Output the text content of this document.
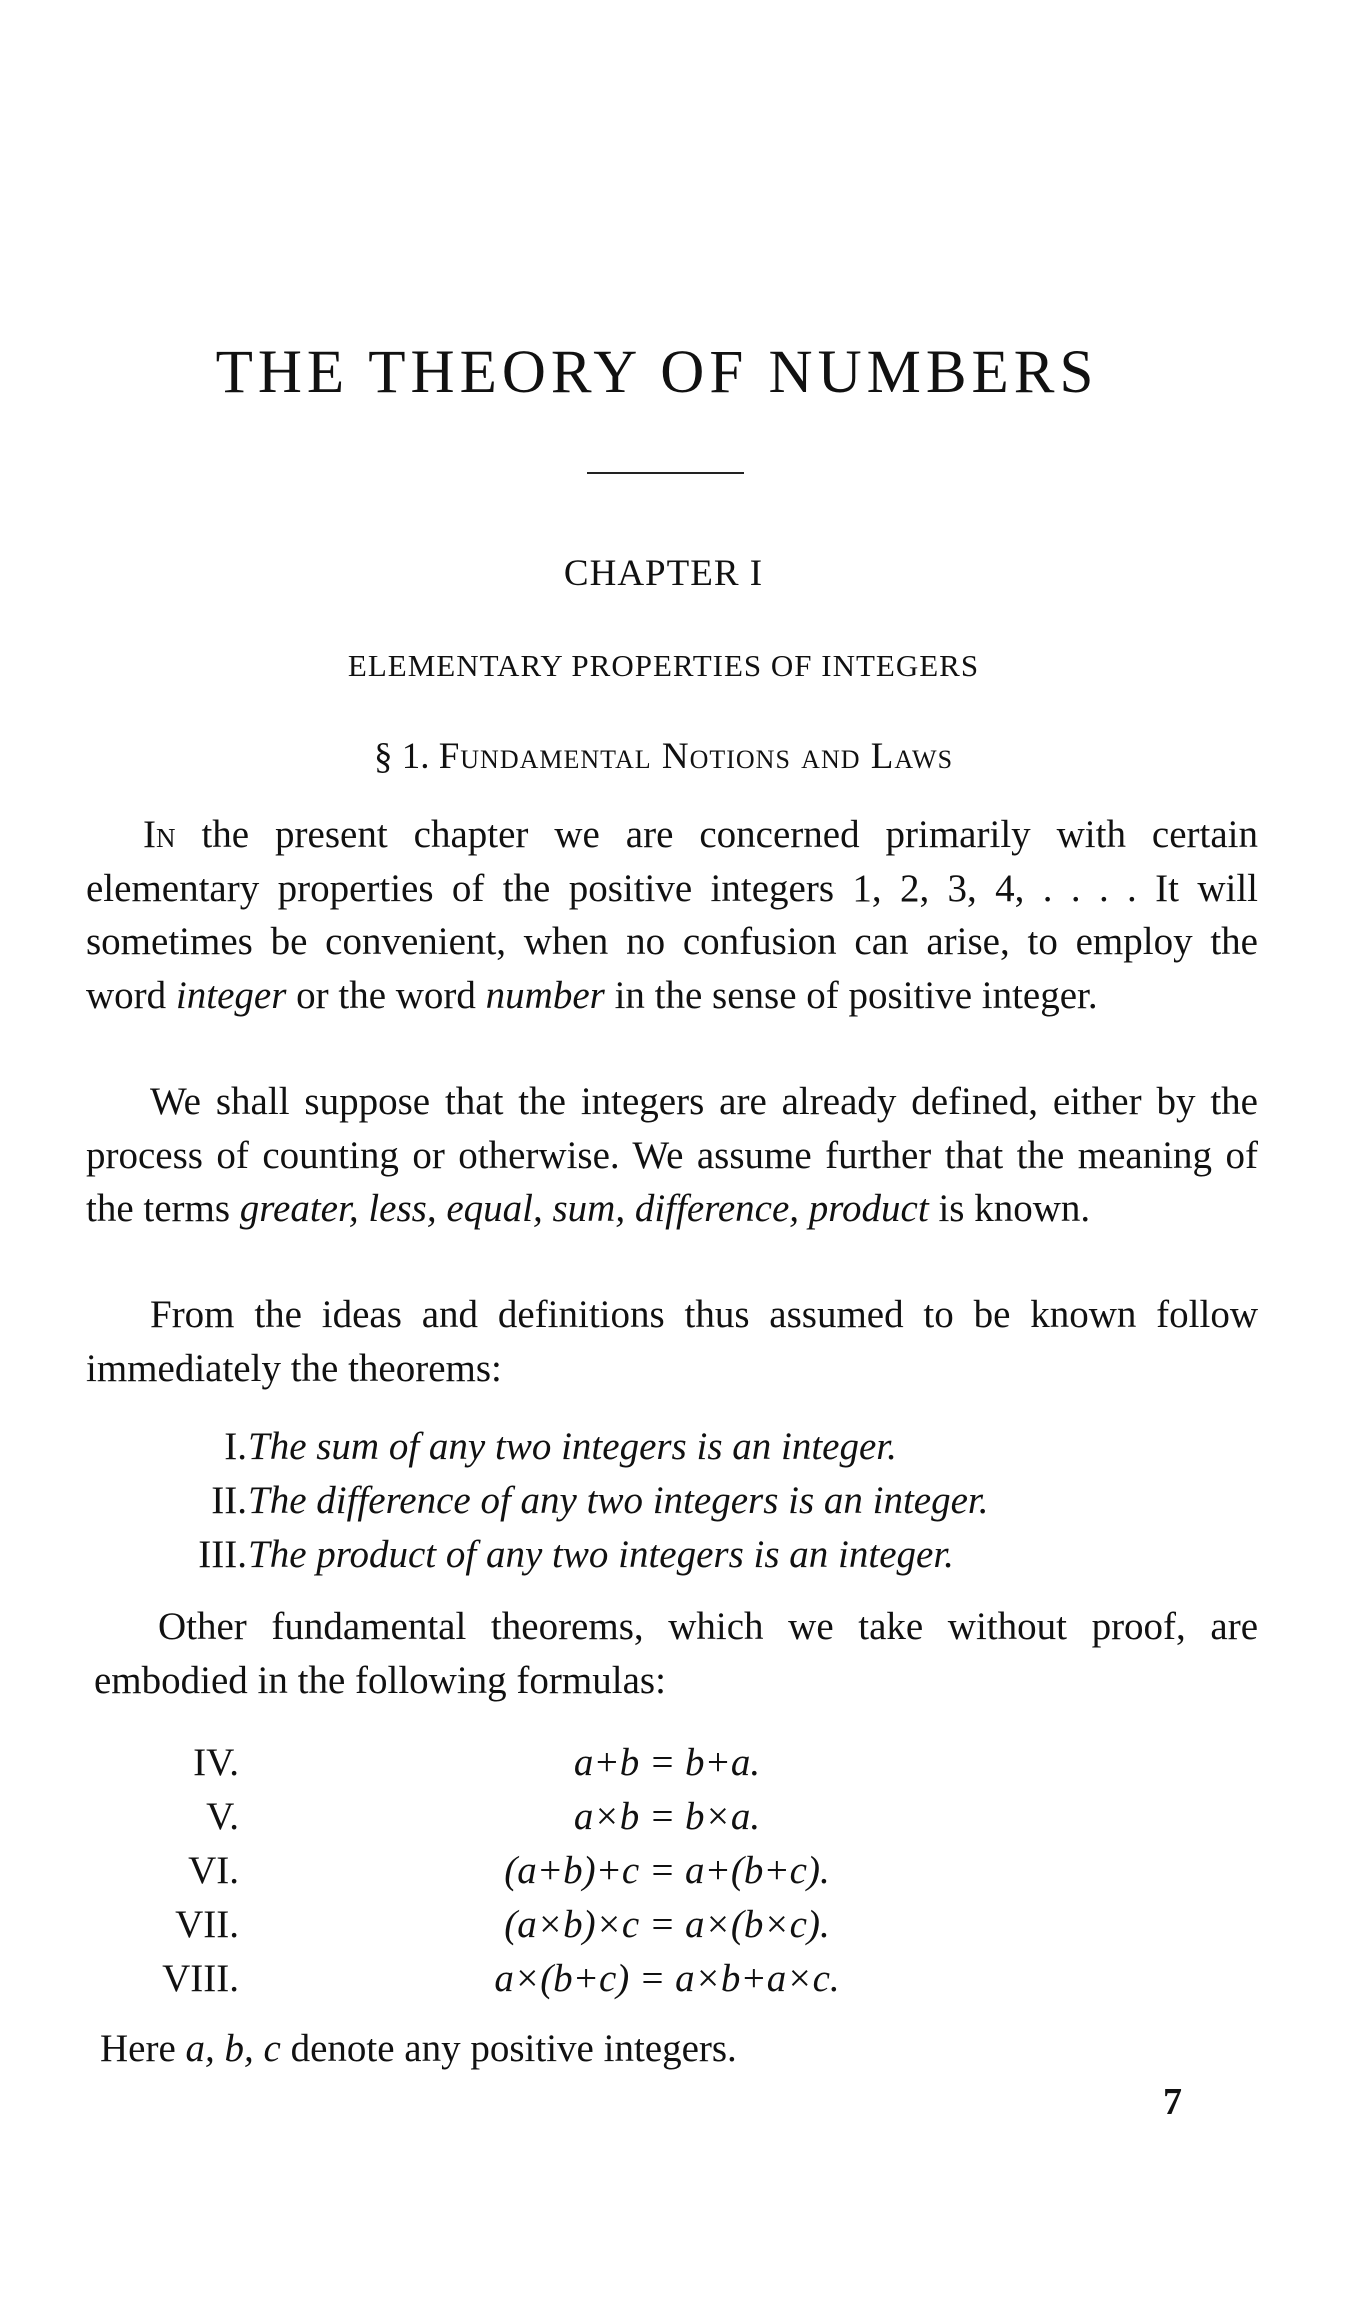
THE THEORY OF NUMBERS
CHAPTER I
ELEMENTARY PROPERTIES OF INTEGERS
§ 1. Fundamental Notions and Laws
In the present chapter we are concerned primarily with certain elementary properties of the positive integers 1, 2, 3, 4, . . . . It will sometimes be convenient, when no confusion can arise, to employ the word integer or the word number in the sense of positive integer.
We shall suppose that the integers are already defined, either by the process of counting or otherwise. We assume further that the meaning of the terms greater, less, equal, sum, difference, product is known.
From the ideas and definitions thus assumed to be known follow immediately the theorems:
I. The sum of any two integers is an integer.
II. The difference of any two integers is an integer.
III. The product of any two integers is an integer.
Other fundamental theorems, which we take without proof, are embodied in the following formulas:
IV.	a+b = b+a.
V.	a×b = b×a.
VI.	(a+b)+c = a+(b+c).
VII.	(a×b)×c = a×(b×c).
VIII.	a×(b+c) = a×b+a×c.
Here a, b, c denote any positive integers.
7
